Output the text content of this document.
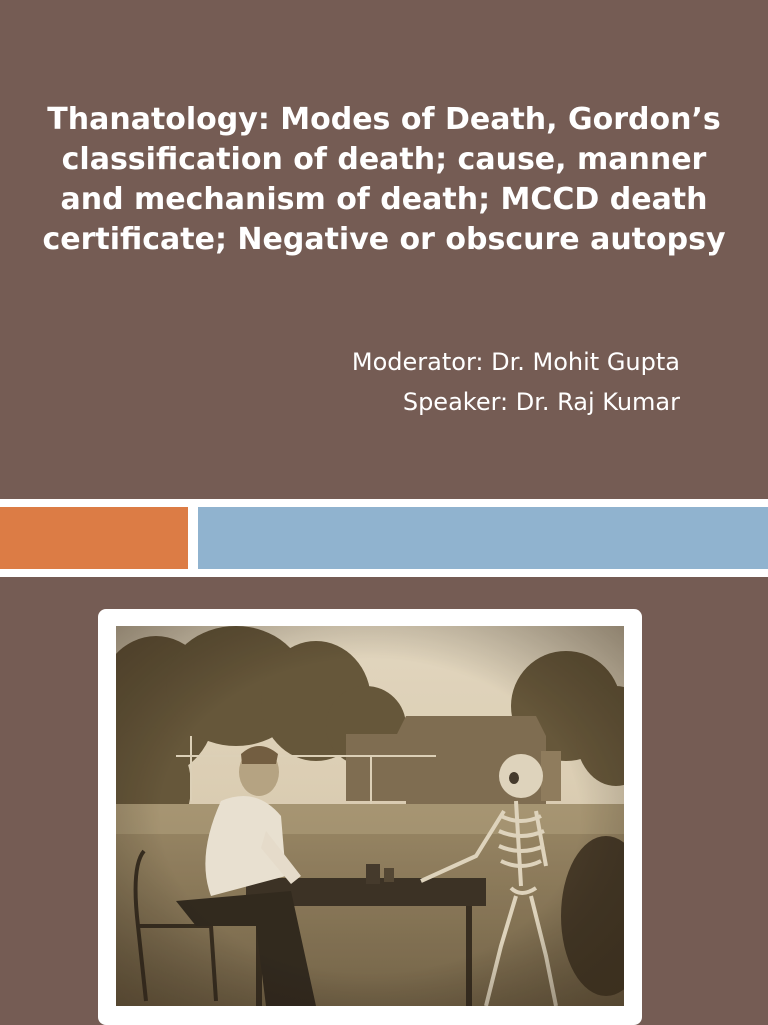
Thanatology: Modes of Death, Gordon’s classification of death; cause, manner and mechanism of death; MCCD death certificate; Negative or obscure autopsy
Moderator: Dr. Mohit Gupta
Speaker: Dr. Raj Kumar
